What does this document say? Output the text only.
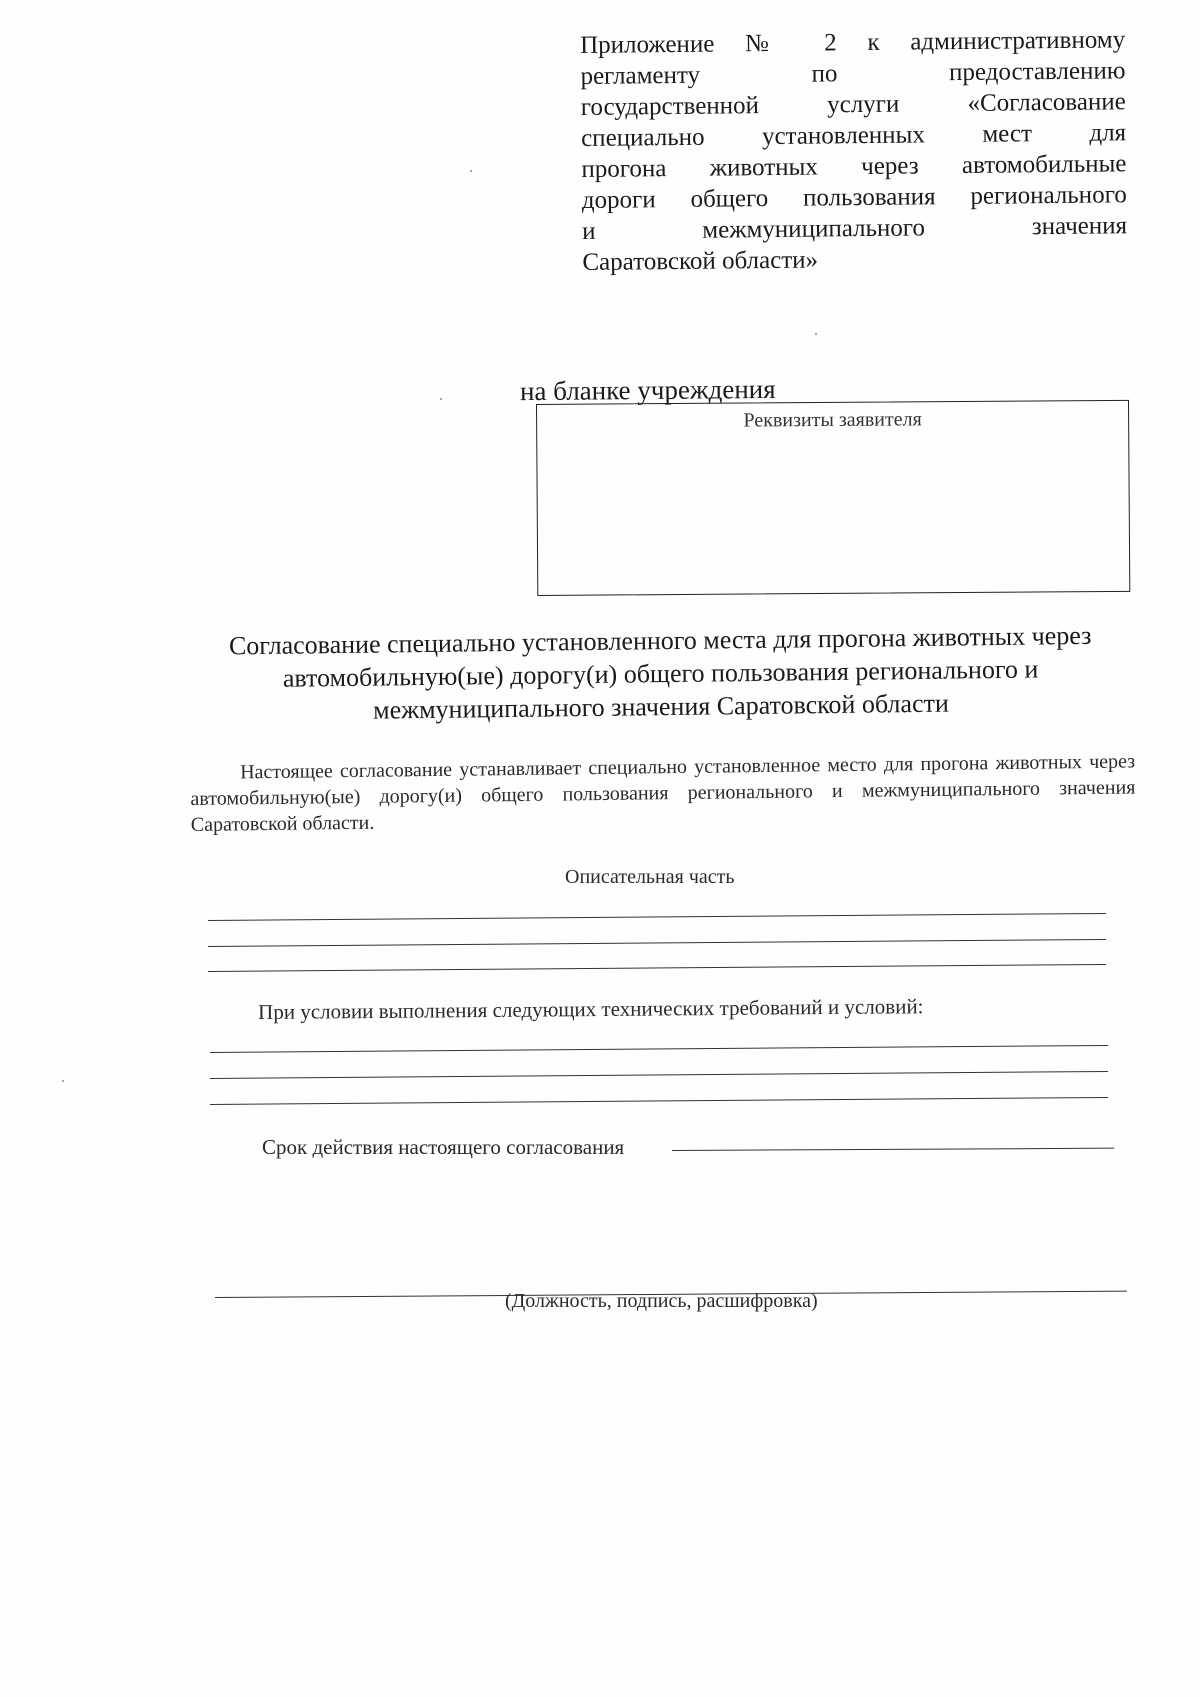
Приложение № 2 к административному
регламенту по предоставлению
государственной услуги «Согласование
специально установленных мест для
прогона животных через автомобильные
дороги общего пользования регионального
и межмуниципального значения
Саратовской области»
на бланке учреждения
Реквизиты заявителя
Согласование специально установленного места для прогона животных через автомобильную(ые) дорогу(и) общего пользования регионального и межмуниципального значения Саратовской области
Настоящее согласование устанавливает специально установленное место для прогона животных через автомобильную(ые) дорогу(и) общего пользования регионального и межмуниципального значения Саратовской области.
Описательная часть
При условии выполнения следующих технических требований и условий:
Срок действия настоящего согласования
(Должность, подпись, расшифровка)
